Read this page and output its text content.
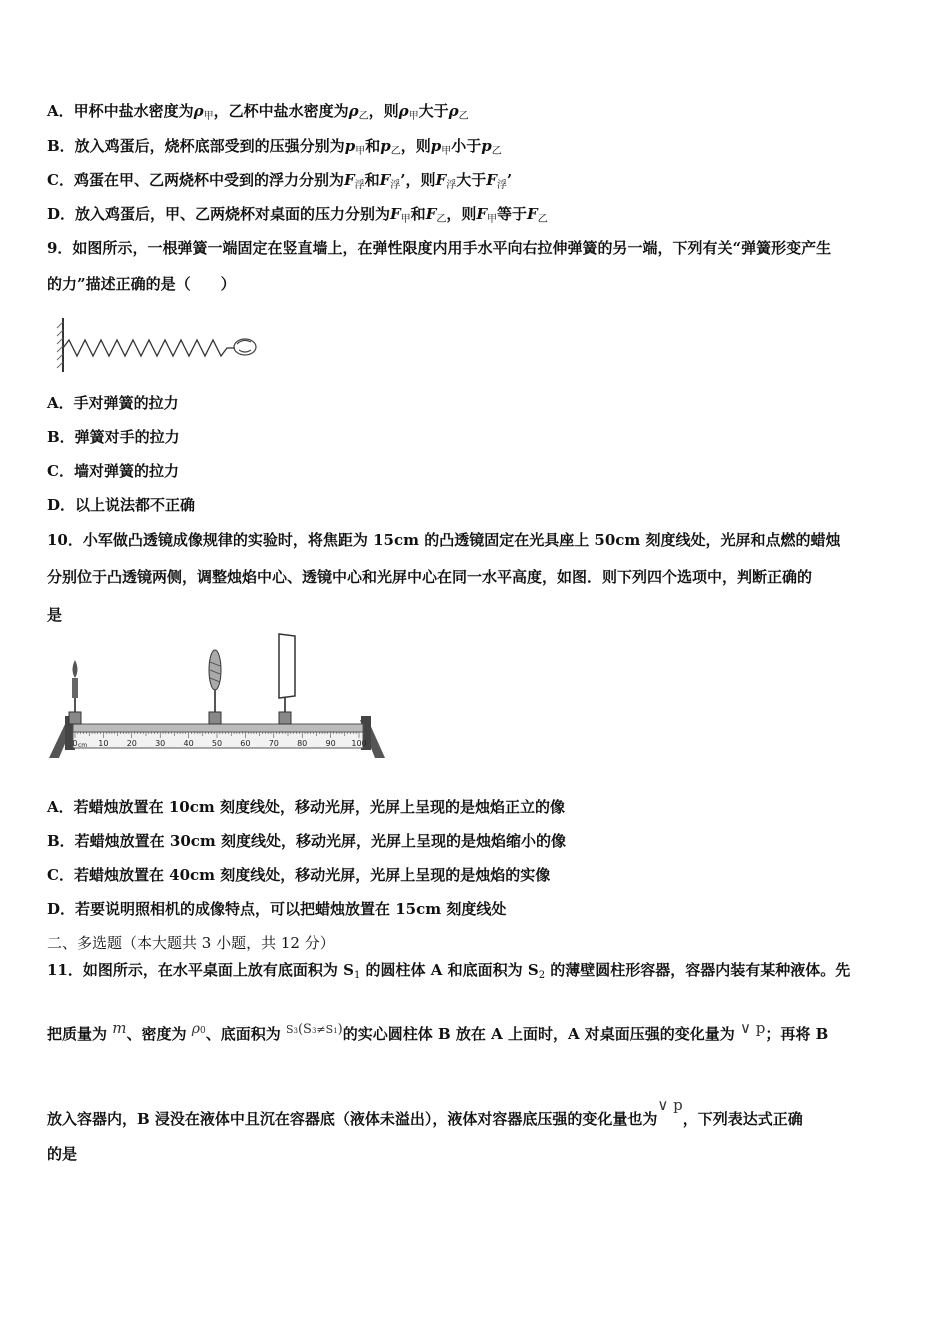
A．甲杯中盐水密度为$\rho_甲$，乙杯中盐水密度为$\rho_乙$，则$\rho_甲$大于$\rho_乙$
B．放入鸡蛋后，烧杯底部受到的压强分别为$p_甲$和$p_乙$，则$p_甲$小于$p_乙$
C．鸡蛋在甲、乙两烧杯中受到的浮力分别为$F_浮$和$F_浮$’，则$F_浮$大于$F_浮$’
D．放入鸡蛋后，甲、乙两烧杯对桌面的压力分别为$F_甲$和$F_乙$，则$F_甲$等于$F_乙$
9．如图所示，一根弹簧一端固定在竖直墙上，在弹性限度内用手水平向右拉伸弹簧的另一端，下列有关“弹簧形变产生
的力”描述正确的是（　　）
A．手对弹簧的拉力
B．弹簧对手的拉力
C．墙对弹簧的拉力
D．以上说法都不正确
10．小军做凸透镜成像规律的实验时，将焦距为 15cm 的凸透镜固定在光具座上 50cm 刻度线处，光屏和点燃的蜡烛
分别位于凸透镜两侧，调整烛焰中心、透镜中心和光屏中心在同一水平高度，如图．则下列四个选项中，判断正确的
是
0	10 20 30 40 50 60 70 80 90 100
cm
A．若蜡烛放置在 10cm 刻度线处，移动光屏，光屏上呈现的是烛焰正立的像
B．若蜡烛放置在 30cm 刻度线处，移动光屏，光屏上呈现的是烛焰缩小的像
C．若蜡烛放置在 40cm 刻度线处，移动光屏，光屏上呈现的是烛焰的实像
D．若要说明照相机的成像特点，可以把蜡烛放置在 15cm 刻度线处
二、多选题（本大题共 3 小题，共 12 分）
11．如图所示，在水平桌面上放有底面积为 $S_1$ 的圆柱体 A 和底面积为 $S_2$ 的薄壁圆柱形容器，容器内装有某种液体。先
把质量为 m、密度为 $\rho^0$、底面积为 $^{S3}(S^{3\ne S1})$的实心圆柱体 B 放在 A 上面时，A 对桌面压强的变化量为 ∨ p；再将 B
放入容器内，B 浸没在液体中且沉在容器底（液体未溢出），液体对容器底压强的变化量也为∨ p，下列表达式正确
的是
